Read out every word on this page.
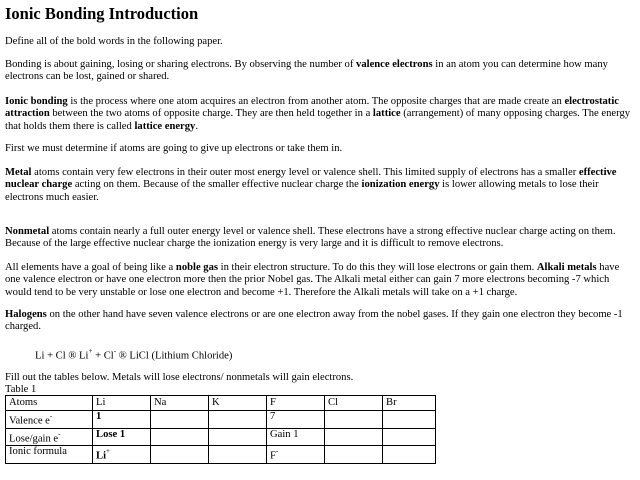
Ionic Bonding Introduction

Define all of the bold words in the following paper.

Bonding is about gaining, losing or sharing electrons. By observing the number of valence electrons in an atom you can determine how many electrons can be lost, gained or shared.

Ionic bonding is the process where one atom acquires an electron from another atom. The opposite charges that are made create an electrostatic attraction between the two atoms of opposite charge. They are then held together in a lattice (arrangement) of many opposing charges. The energy that holds them there is called lattice energy.

First we must determine if atoms are going to give up electrons or take them in.

Metal atoms contain very few electrons in their outer most energy level or valence shell. This limited supply of electrons has a smaller effective nuclear charge acting on them. Because of the smaller effective nuclear charge the ionization energy is lower allowing metals to lose their electrons much easier.

Nonmetal atoms contain nearly a full outer energy level or valence shell. These electrons have a strong effective nuclear charge acting on them. Because of the large effective nuclear charge the ionization energy is very large and it is difficult to remove electrons.

All elements have a goal of being like a noble gas in their electron structure. To do this they will lose electrons or gain them. Alkali metals have one valence electron or have one electron more then the prior Nobel gas. The Alkali metal either can gain 7 more electrons becoming -7 which would tend to be very unstable or lose one electron and become +1. Therefore the Alkali metals will take on a +1 charge.

Halogens on the other hand have seven valence electrons or are one electron away from the nobel gases. If they gain one electron they become -1 charged.

Li + Cl ® Li+ + Cl- ® LiCl (Lithium Chloride)
Fill out the tables below. Metals will lose electrons/ nonmetals will gain electrons.
Table 1
Atoms	Li	Na	K	F	Cl	Br
Valence e-	1			7		
Lose/gain e-	Lose 1			Gain 1		
Ionic formula	Li+			F-		
